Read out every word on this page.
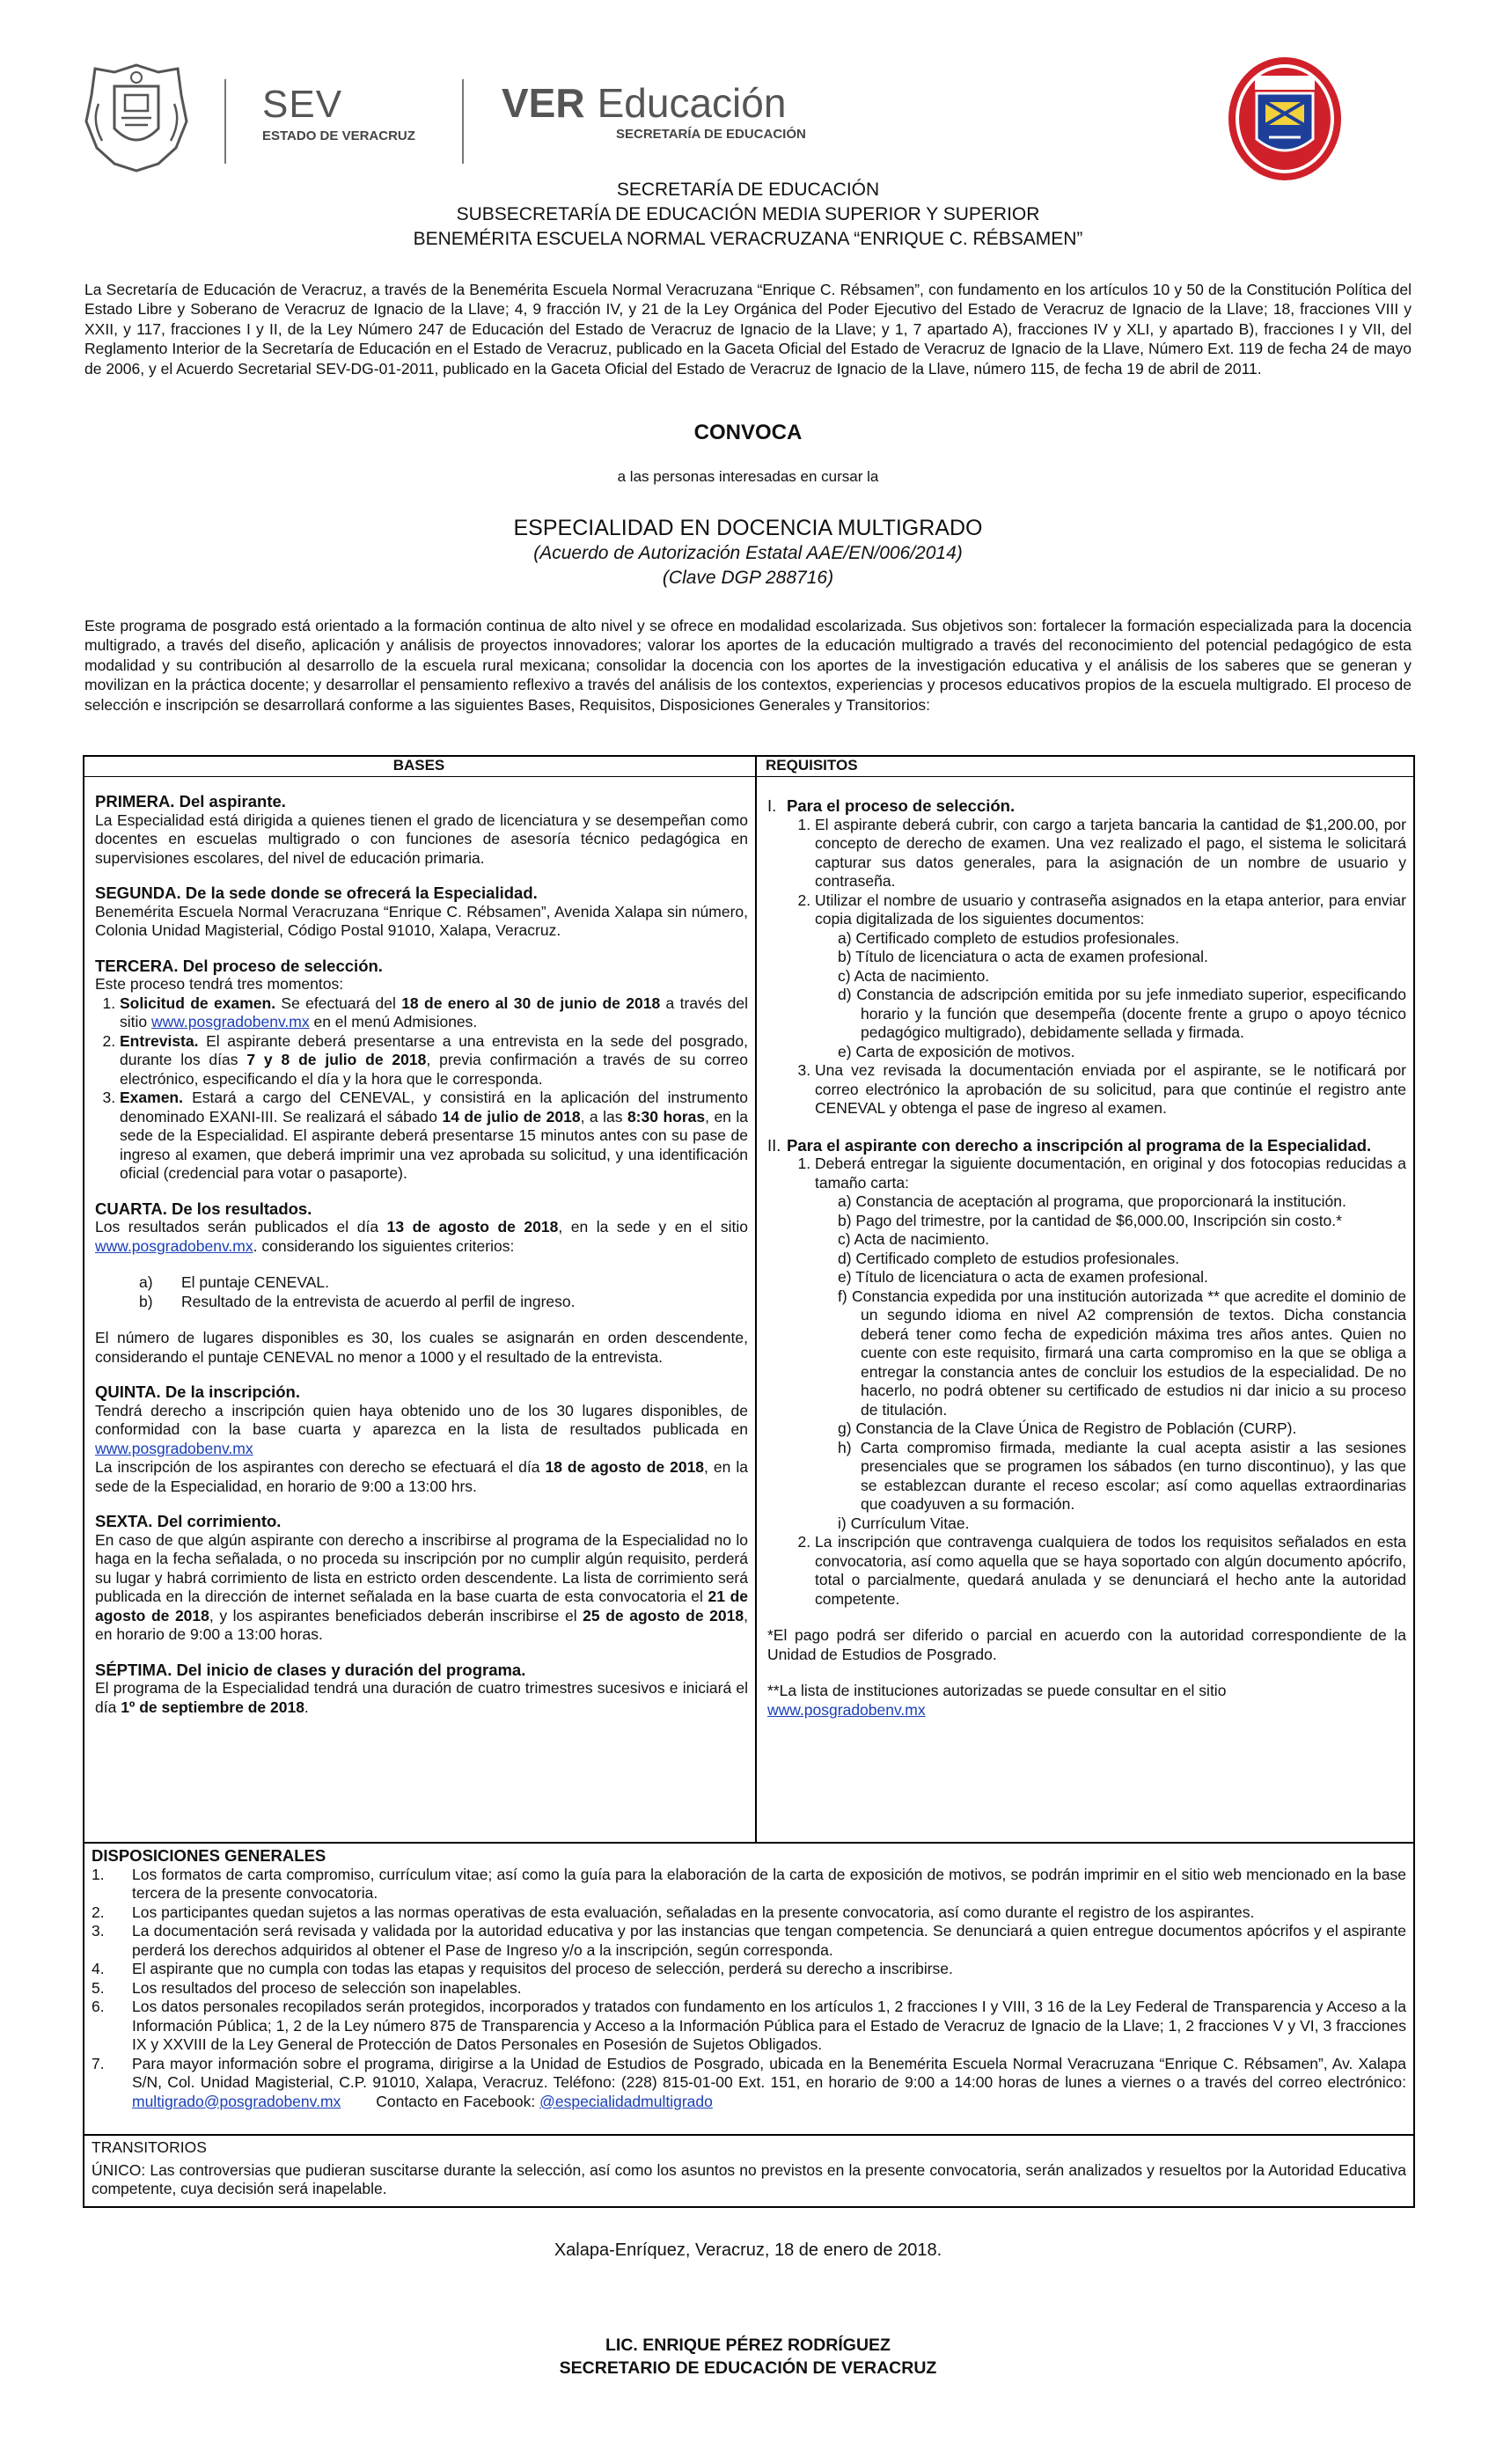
SEV
ESTADO DE VERACRUZ
VER Educación
SECRETARÍA DE EDUCACIÓN
SECRETARÍA DE EDUCACIÓN
SUBSECRETARÍA DE EDUCACIÓN MEDIA SUPERIOR Y SUPERIOR
BENEMÉRITA ESCUELA NORMAL VERACRUZANA “ENRIQUE C. RÉBSAMEN”
La Secretaría de Educación de Veracruz, a través de la Benemérita Escuela Normal Veracruzana “Enrique C. Rébsamen”, con fundamento en los artículos 10 y 50 de la Constitución Política del Estado Libre y Soberano de Veracruz de Ignacio de la Llave; 4, 9 fracción IV, y 21 de la Ley Orgánica del Poder Ejecutivo del Estado de Veracruz de Ignacio de la Llave; 18, fracciones VIII y XXII, y 117, fracciones I y II, de la Ley Número 247 de Educación del Estado de Veracruz de Ignacio de la Llave; y 1, 7 apartado A), fracciones IV y XLI, y apartado B), fracciones I y VII, del Reglamento Interior de la Secretaría de Educación en el Estado de Veracruz, publicado en la Gaceta Oficial del Estado de Veracruz de Ignacio de la Llave, Número Ext. 119 de fecha 24 de mayo de 2006, y el Acuerdo Secretarial SEV-DG-01-2011, publicado en la Gaceta Oficial del Estado de Veracruz de Ignacio de la Llave, número 115, de fecha 19 de abril de 2011.
CONVOCA
a las personas interesadas en cursar la
ESPECIALIDAD EN DOCENCIA MULTIGRADO
(Acuerdo de Autorización Estatal AAE/EN/006/2014)
(Clave DGP 288716)
Este programa de posgrado está orientado a la formación continua de alto nivel y se ofrece en modalidad escolarizada. Sus objetivos son: fortalecer la formación especializada para la docencia multigrado, a través del diseño, aplicación y análisis de proyectos innovadores; valorar los aportes de la educación multigrado a través del reconocimiento del potencial pedagógico de esta modalidad y su contribución al desarrollo de la escuela rural mexicana; consolidar la docencia con los aportes de la investigación educativa y el análisis de los saberes que se generan y movilizan en la práctica docente; y desarrollar el pensamiento reflexivo a través del análisis de los contextos, experiencias y procesos educativos propios de la escuela multigrado. El proceso de selección e inscripción se desarrollará conforme a las siguientes Bases, Requisitos, Disposiciones Generales y Transitorios:
BASES	REQUISITOS
PRIMERA. Del aspirante.

La Especialidad está dirigida a quienes tienen el grado de licenciatura y se desempeñan como docentes en escuelas multigrado o con funciones de asesoría técnico pedagógica en supervisiones escolares, del nivel de educación primaria.

SEGUNDA. De la sede donde se ofrecerá la Especialidad.

Benemérita Escuela Normal Veracruzana “Enrique C. Rébsamen”, Avenida Xalapa sin número, Colonia Unidad Magisterial, Código Postal 91010, Xalapa, Veracruz.

TERCERA. Del proceso de selección.

Este proceso tendrá tres momentos:

1. Solicitud de examen. Se efectuará del 18 de enero al 30 de junio de 2018 a través del sitio www.posgradobenv.mx en el menú Admisiones.
2. Entrevista. El aspirante deberá presentarse a una entrevista en la sede del posgrado, durante los días 7 y 8 de julio de 2018, previa confirmación a través de su correo electrónico, especificando el día y la hora que le corresponda.
3. Examen. Estará a cargo del CENEVAL, y consistirá en la aplicación del instrumento denominado EXANI-III. Se realizará el sábado 14 de julio de 2018, a las 8:30 horas, en la sede de la Especialidad. El aspirante deberá presentarse 15 minutos antes con su pase de ingreso al examen, que deberá imprimir una vez aprobada su solicitud, y una identificación oficial (credencial para votar o pasaporte).
CUARTA. De los resultados.

Los resultados serán publicados el día 13 de agosto de 2018, en la sede y en el sitio www.posgradobenv.mx. considerando los siguientes criterios:

a) El puntaje CENEVAL.
b) Resultado de la entrevista de acuerdo al perfil de ingreso.

El número de lugares disponibles es 30, los cuales se asignarán en orden descendente, considerando el puntaje CENEVAL no menor a 1000 y el resultado de la entrevista.

QUINTA. De la inscripción.

Tendrá derecho a inscripción quien haya obtenido uno de los 30 lugares disponibles, de conformidad con la base cuarta y aparezca en la lista de resultados publicada en www.posgradobenv.mx

La inscripción de los aspirantes con derecho se efectuará el día 18 de agosto de 2018, en la sede de la Especialidad, en horario de 9:00 a 13:00 hrs.

SEXTA. Del corrimiento.

En caso de que algún aspirante con derecho a inscribirse al programa de la Especialidad no lo haga en la fecha señalada, o no proceda su inscripción por no cumplir algún requisito, perderá su lugar y habrá corrimiento de lista en estricto orden descendente. La lista de corrimiento será publicada en la dirección de internet señalada en la base cuarta de esta convocatoria el 21 de agosto de 2018, y los aspirantes beneficiados deberán inscribirse el 25 de agosto de 2018, en horario de 9:00 a 13:00 horas.

SÉPTIMA. Del inicio de clases y duración del programa.

El programa de la Especialidad tendrá una duración de cuatro trimestres sucesivos e iniciará el día 1º de septiembre de 2018.

I. Para el proceso de selección.
1. El aspirante deberá cubrir, con cargo a tarjeta bancaria la cantidad de $1,200.00, por concepto de derecho de examen. Una vez realizado el pago, el sistema le solicitará capturar sus datos generales, para la asignación de un nombre de usuario y contraseña.
2. Utilizar el nombre de usuario y contraseña asignados en la etapa anterior, para enviar copia digitalizada de los siguientes documentos:
a) Certificado completo de estudios profesionales.
b) Título de licenciatura o acta de examen profesional.
c) Acta de nacimiento.
d) Constancia de adscripción emitida por su jefe inmediato superior, especificando horario y la función que desempeña (docente frente a grupo o apoyo técnico pedagógico multigrado), debidamente sellada y firmada.
e) Carta de exposición de motivos.
3. Una vez revisada la documentación enviada por el aspirante, se le notificará por correo electrónico la aprobación de su solicitud, para que continúe el registro ante CENEVAL y obtenga el pase de ingreso al examen.
II. Para el aspirante con derecho a inscripción al programa de la Especialidad.
1. Deberá entregar la siguiente documentación, en original y dos fotocopias reducidas a tamaño carta:
a) Constancia de aceptación al programa, que proporcionará la institución.
b) Pago del trimestre, por la cantidad de $6,000.00, Inscripción sin costo.*
c) Acta de nacimiento.
d) Certificado completo de estudios profesionales.
e) Título de licenciatura o acta de examen profesional.
f) Constancia expedida por una institución autorizada ** que acredite el dominio de un segundo idioma en nivel A2 comprensión de textos. Dicha constancia deberá tener como fecha de expedición máxima tres años antes. Quien no cuente con este requisito, firmará una carta compromiso en la que se obliga a entregar la constancia antes de concluir los estudios de la especialidad. De no hacerlo, no podrá obtener su certificado de estudios ni dar inicio a su proceso de titulación.
g) Constancia de la Clave Única de Registro de Población (CURP).
h) Carta compromiso firmada, mediante la cual acepta asistir a las sesiones presenciales que se programen los sábados (en turno discontinuo), y las que se establezcan durante el receso escolar; así como aquellas extraordinarias que coadyuven a su formación.
i) Currículum Vitae.
2. La inscripción que contravenga cualquiera de todos los requisitos señalados en esta convocatoria, así como aquella que se haya soportado con algún documento apócrifo, total o parcialmente, quedará anulada y se denunciará el hecho ante la autoridad competente.

*El pago podrá ser diferido o parcial en acuerdo con la autoridad correspondiente de la Unidad de Estudios de Posgrado.

**La lista de instituciones autorizadas se puede consultar en el sitio
www.posgradobenv.mx

DISPOSICIONES GENERALES
1. Los formatos de carta compromiso, currículum vitae; así como la guía para la elaboración de la carta de exposición de motivos, se podrán imprimir en el sitio web mencionado en la base tercera de la presente convocatoria.
2. Los participantes quedan sujetos a las normas operativas de esta evaluación, señaladas en la presente convocatoria, así como durante el registro de los aspirantes.
3. La documentación será revisada y validada por la autoridad educativa y por las instancias que tengan competencia. Se denunciará a quien entregue documentos apócrifos y el aspirante perderá los derechos adquiridos al obtener el Pase de Ingreso y/o a la inscripción, según corresponda.
4. El aspirante que no cumpla con todas las etapas y requisitos del proceso de selección, perderá su derecho a inscribirse.
5. Los resultados del proceso de selección son inapelables.
6. Los datos personales recopilados serán protegidos, incorporados y tratados con fundamento en los artículos 1, 2 fracciones I y VIII, 3 16 de la Ley Federal de Transparencia y Acceso a la Información Pública; 1, 2 de la Ley número 875 de Transparencia y Acceso a la Información Pública para el Estado de Veracruz de Ignacio de la Llave; 1, 2 fracciones V y VI, 3 fracciones IX y XXVIII de la Ley General de Protección de Datos Personales en Posesión de Sujetos Obligados.
7. Para mayor información sobre el programa, dirigirse a la Unidad de Estudios de Posgrado, ubicada en la Benemérita Escuela Normal Veracruzana “Enrique C. Rébsamen”, Av. Xalapa S/N, Col. Unidad Magisterial, C.P. 91010, Xalapa, Veracruz. Teléfono: (228) 815-01-00 Ext. 151, en horario de 9:00 a 14:00 horas de lunes a viernes o a través del correo electrónico: multigrado@posgradobenv.mx Contacto en Facebook: @especialidadmultigrado
TRANSITORIOS

ÚNICO: Las controversias que pudieran suscitarse durante la selección, así como los asuntos no previstos en la presente convocatoria, serán analizados y resueltos por la Autoridad Educativa competente, cuya decisión será inapelable.

Xalapa-Enríquez, Veracruz, 18 de enero de 2018.
LIC. ENRIQUE PÉREZ RODRÍGUEZ
SECRETARIO DE EDUCACIÓN DE VERACRUZ
